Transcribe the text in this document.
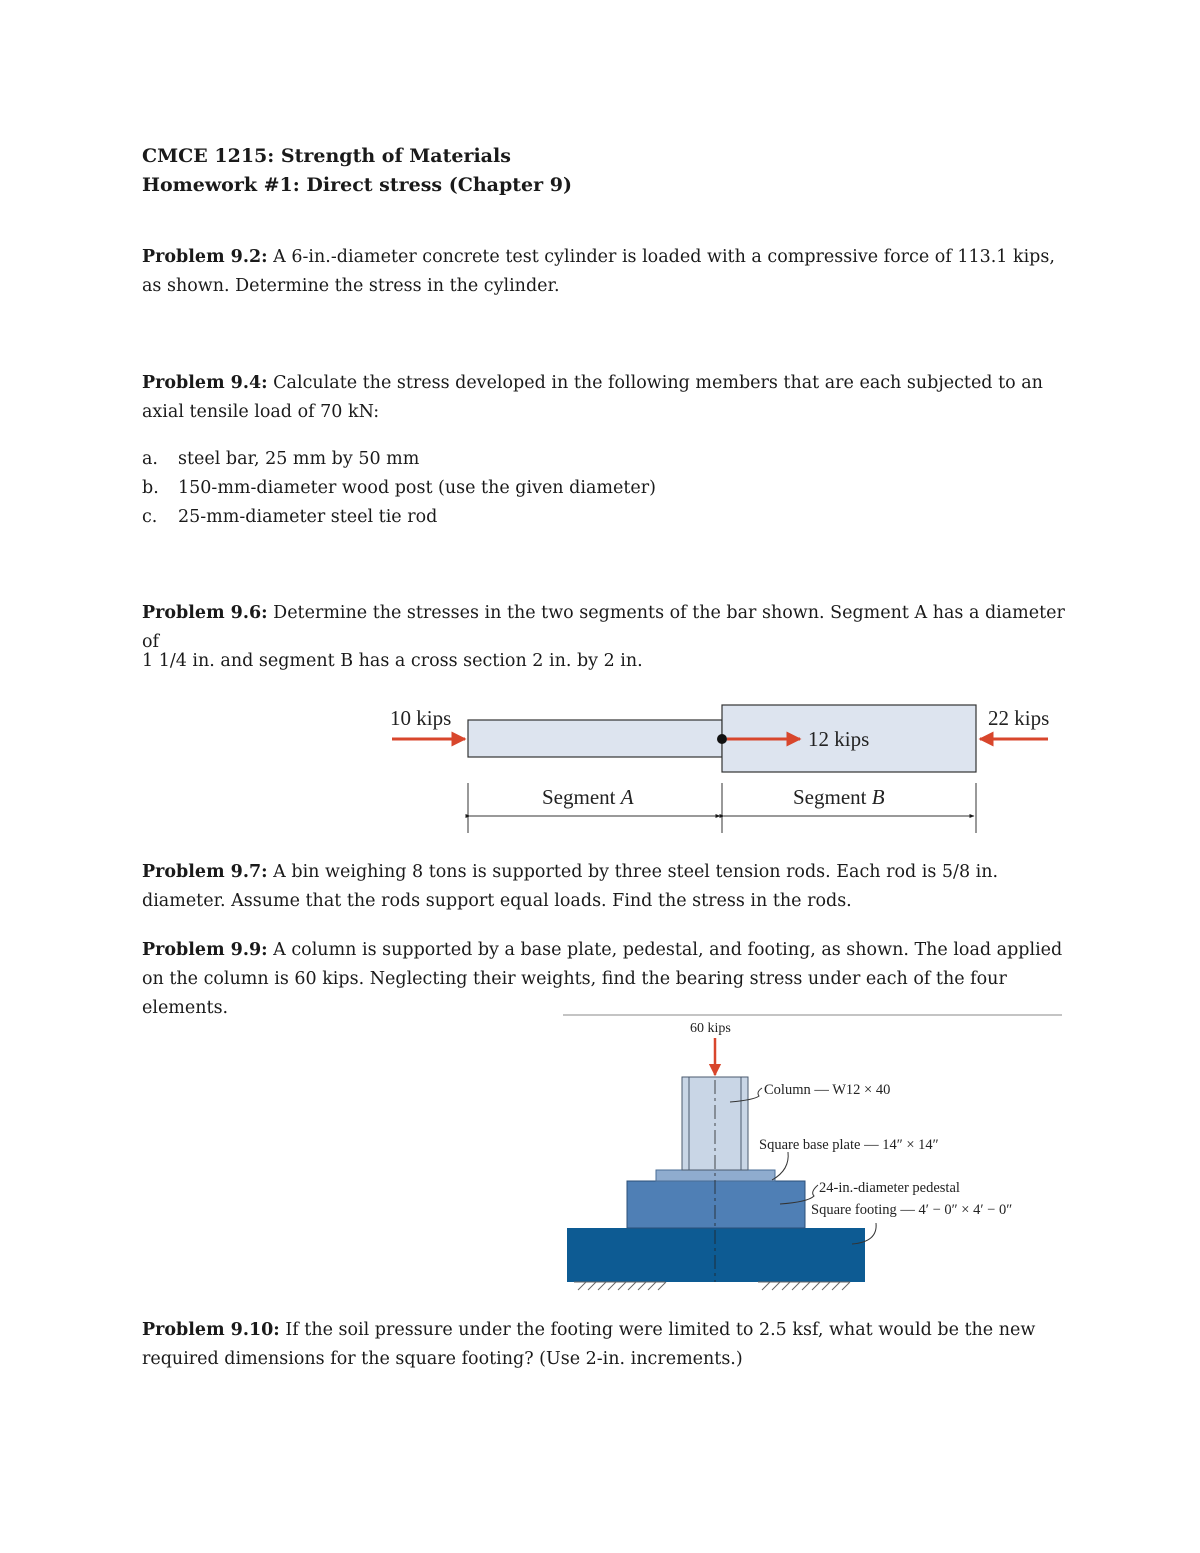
CMCE 1215: Strength of Materials
Homework #1: Direct stress (Chapter 9)
Problem 9.2: A 6-in.-diameter concrete test cylinder is loaded with a compressive force of 113.1 kips, as shown. Determine the stress in the cylinder.
Problem 9.4: Calculate the stress developed in the following members that are each subjected to an axial tensile load of 70 kN:
a. steel bar, 25 mm by 50 mm
b. 150-mm-diameter wood post (use the given diameter)
c. 25-mm-diameter steel tie rod
Problem 9.6: Determine the stresses in the two segments of the bar shown. Segment A has a diameter of
1 1/4 in. and segment B has a cross section 2 in. by 2 in.
10 kips
12 kips
22 kips
Segment A	Segment B
Problem 9.7: A bin weighing 8 tons is supported by three steel tension rods. Each rod is 5/8 in. diameter. Assume that the rods support equal loads. Find the stress in the rods.
Problem 9.9: A column is supported by a base plate, pedestal, and footing, as shown. The load applied on the column is 60 kips. Neglecting their weights, find the bearing stress under each of the four elements.
60 kips
Column — W12 × 40
Square base plate — 14″ × 14″
24-in.-diameter pedestal
Square footing — 4′ − 0″ × 4′ − 0″
Problem 9.10: If the soil pressure under the footing were limited to 2.5 ksf, what would be the new required dimensions for the square footing? (Use 2-in. increments.)
